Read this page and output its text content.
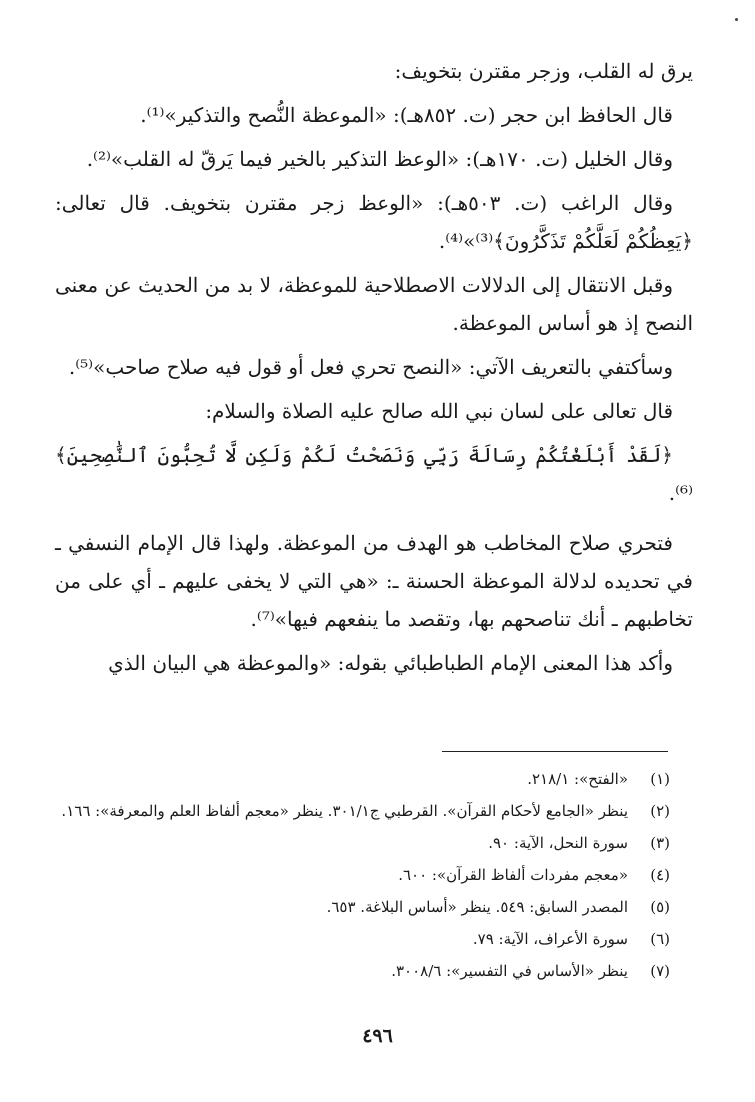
يرق له القلب، وزجر مقترن بتخويف:

قال الحافظ ابن حجر (ت. ٨٥٢هـ): «الموعظة النُّصح والتذكير»⁽¹⁾.

وقال الخليل (ت. ١٧٠هـ): «الوعظ التذكير بالخير فيما يَرقّ له القلب»⁽²⁾.

وقال الراغب (ت. ٥٠٣هـ): «الوعظ زجر مقترن بتخويف. قال تعالى: ﴿يَعِظُكُمْ لَعَلَّكُمْ تَذَكَّرُونَ﴾⁽³⁾»⁽⁴⁾.

وقبل الانتقال إلى الدلالات الاصطلاحية للموعظة، لا بد من الحديث عن معنى النصح إذ هو أساس الموعظة.

وسأكتفي بالتعريف الآتي: «النصح تحري فعل أو قول فيه صلاح صاحب»⁽⁵⁾.

قال تعالى على لسان نبي الله صالح عليه الصلاة والسلام:

﴿لَقَدْ أَبْلَغْتُكُمْ رِسَالَةَ رَبِّي وَنَصَحْتُ لَكُمْ وَلَكِن لَّا تُحِبُّونَ ٱلنَّٰصِحِينَ﴾⁽⁶⁾.

فتحري صلاح المخاطب هو الهدف من الموعظة. ولهذا قال الإمام النسفي ـ في تحديده لدلالة الموعظة الحسنة ـ: «هي التي لا يخفى عليهم ـ أي على من تخاطبهم ـ أنك تناصحهم بها، وتقصد ما ينفعهم فيها»⁽⁷⁾.

وأكد هذا المعنى الإمام الطباطبائي بقوله: «والموعظة هي البيان الذي

(١)
«الفتح»: ٢١٨/١.
(٢)
ينظر «الجامع لأحكام القرآن». القرطبي ج٣٠١/١. ينظر «معجم ألفاظ العلم والمعرفة»: ١٦٦.
(٣)
سورة النحل، الآية: ٩٠.
(٤)
«معجم مفردات ألفاظ القرآن»: ٦٠٠.
(٥)
المصدر السابق: ٥٤٩. ينظر «أساس البلاغة. ٦٥٣.
(٦)
سورة الأعراف، الآية: ٧٩.
(٧)
ينظر «الأساس في التفسير»: ٣٠٠٨/٦.
٤٩٦
